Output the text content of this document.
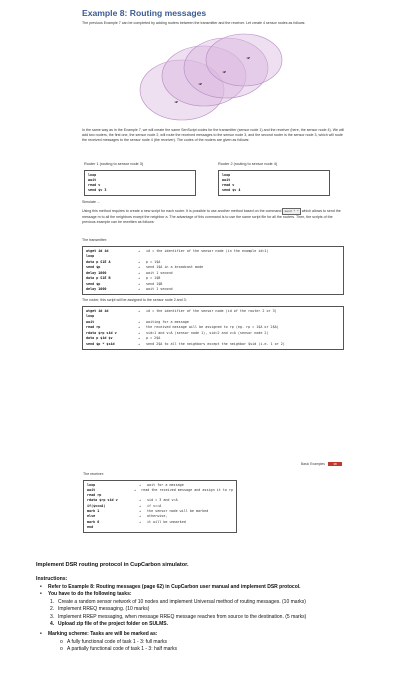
Example 8: Routing messages
The previous Example 7 can be completed by adding routers between the transmitter and the receiver. Let create 4 sensor nodes as follows:
In the same way as in the Example 7, we will create the same SenScript codes for the transmitter (sensor node 1) and the receiver (here, the sensor node 4). We will add two routers, the first one, the sensor node 2, will route the received messages to the sensor node 3, and the second router is the sensor node 3, which will route the received messages to the sensor node 4 (the receiver). The codes of the routers are given as follows:
Router 1 (routing to sensor node 3)	Router 2 (routing to sensor node 4)
loop
wait
read v
send $v 3
loop
wait
read v
send $v 4
Simulate ...
Using this method requires to create a new script for each router. It is possible to use another method based on the command send * * which allows to send the message m to all the neighbors except the neighbor a. The advantage of this command is to use the same script file for all the routers. Then, the scripts of the previous example can be rewritten as follows:
The transmitter:
atget id id	→	id = the identifier of the sensor node (in the example id=1)
loop
data p S1E A	→	p = 1$A
send $p	→	send 1$A in a broadcast mode
delay 1000	→	wait 1 second
data p S1E B	→	p = 1$B
send $p	→	send 1$B
delay 1000	→	wait 1 second
The router, this script will be assigned to the sensor node 2 and 3:
atget id id	→	id = the identifier of the sensor node (id of the router 2 or 3)
loop
wait	→	waiting for a message
read rp	→	the received message will be assigned to rp (eg. rp = 1$A or 2$A)
rdata $rp sid v	→	sid=1 and v=A (sensor node 1), sid=2 and v=A (sensor node 2)
data p $id $v	→	p = 2$A
send $p * $sid	→	send 2$A to all the neighbors except the neighbor $sid (i.e. 1 or 2)
Basic Examples	38
The receiver:
loop	→	wait for a message
wait	→	read the received message and assign it to rp
read rp
rdata $rp sid v	→	sid = 3 and v=A
if($v==A)	→	if v==A
mark 1	→	the sensor node will be marked
else	→	otherwise,
mark 0	→	it will be unmarked
end
Implement DSR routing protocol in CupCarbon simulator.
Instructions:
•	Refer to Example 8: Routing messages (page 62) in CupCarbon user manual and implement DSR protocol.
•	You have to do the following tasks:
1. Create a random sensor network of 10 nodes and implement Universal method of routing messages. (10 marks)
2. Implement RREQ messaging. (10 marks)
3. Implement RREP messaging, when message RREQ message reaches from source to the destination. (5 marks)
4. Upload zip file of the project folder on SULMS.
•	Marking scheme: Tasks are will be marked as:
o A fully functional code of task 1 - 3: full marks
o A partially functional code of task 1 - 3: half marks
